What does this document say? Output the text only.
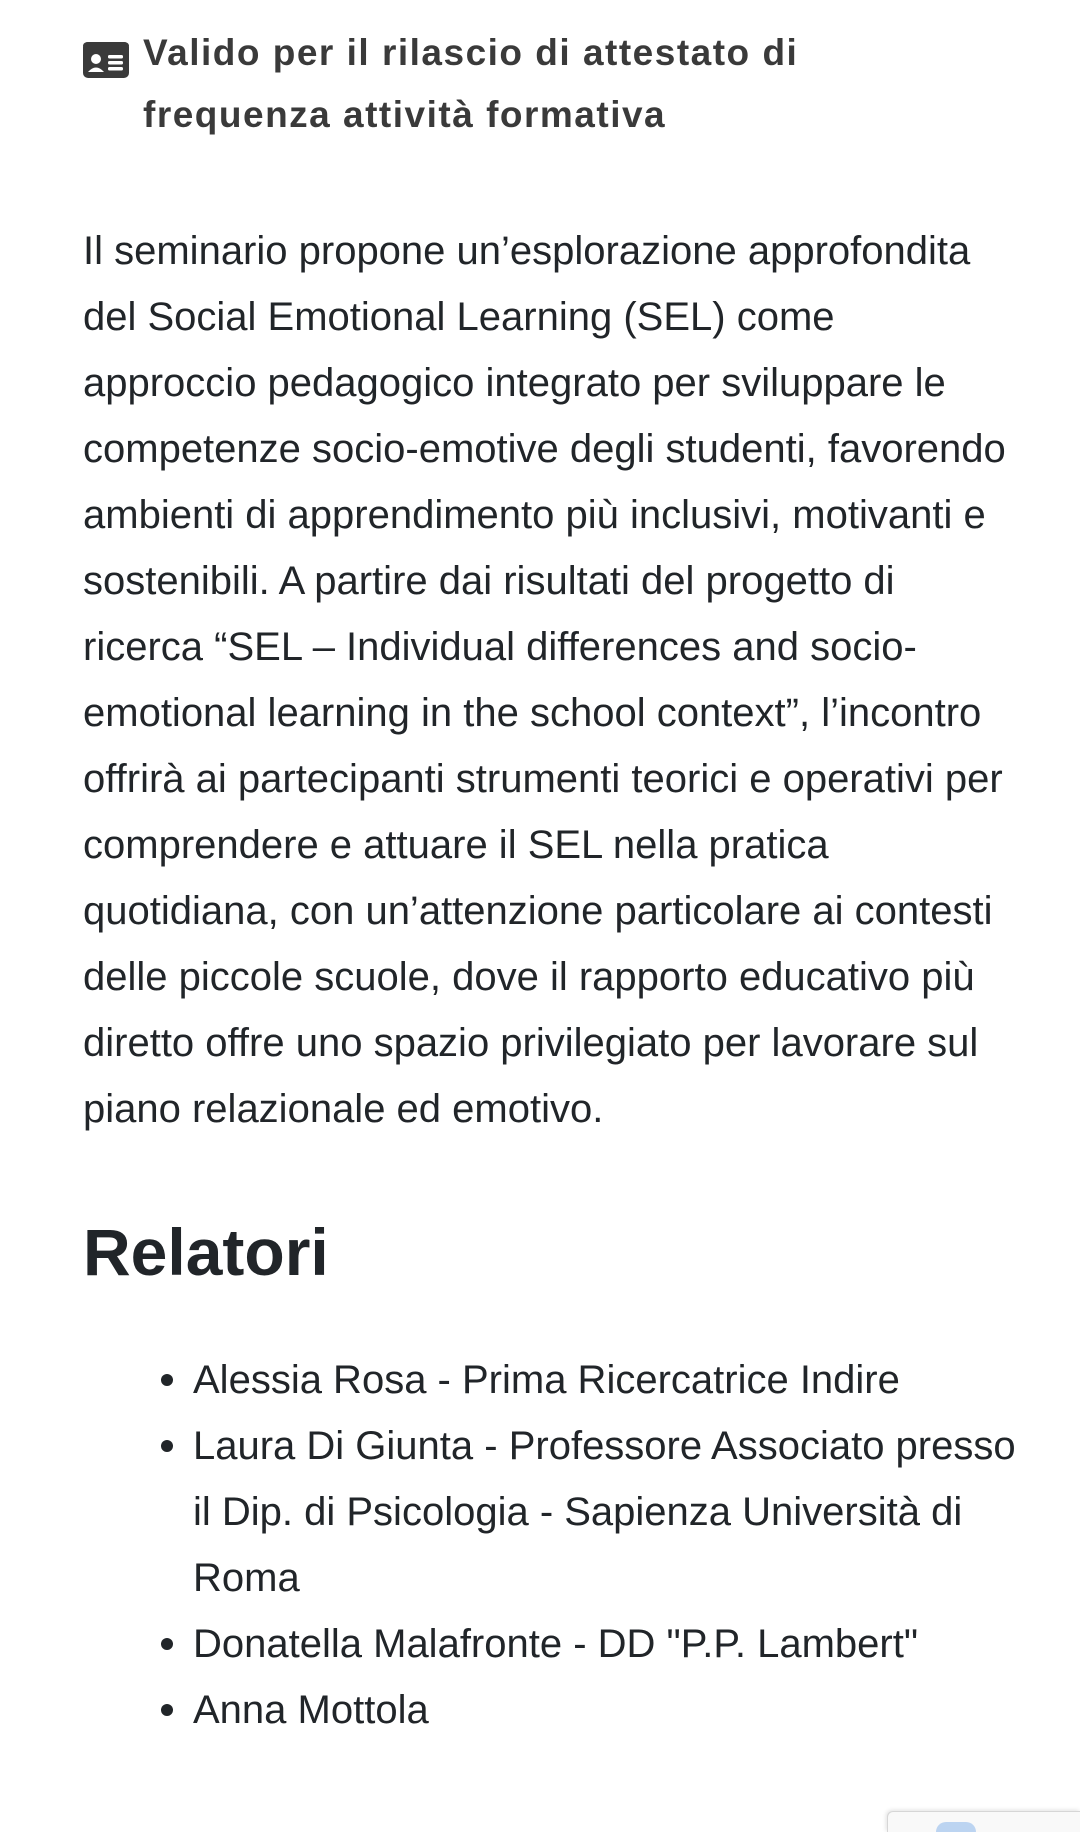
Valido per il rilascio di attestato di frequenza attività formativa

Il seminario propone un’esplorazione approfondita del Social Emotional Learning (SEL) come approccio pedagogico integrato per sviluppare le competenze socio-emotive degli studenti, favorendo ambienti di apprendimento più inclusivi, motivanti e sostenibili. A partire dai risultati del progetto di ricerca “SEL – Individual differences and socio-emotional learning in the school context”, l’incontro offrirà ai partecipanti strumenti teorici e operativi per comprendere e attuare il SEL nella pratica quotidiana, con un’attenzione particolare ai contesti delle piccole scuole, dove il rapporto educativo più diretto offre uno spazio privilegiato per lavorare sul piano relazionale ed emotivo.

Relatori
Alessia Rosa - Prima Ricercatrice Indire
Laura Di Giunta - Professore Associato presso il Dip. di Psicologia - Sapienza Università di Roma
Donatella Malafronte - DD "P.P. Lambert"
Anna Mottola
